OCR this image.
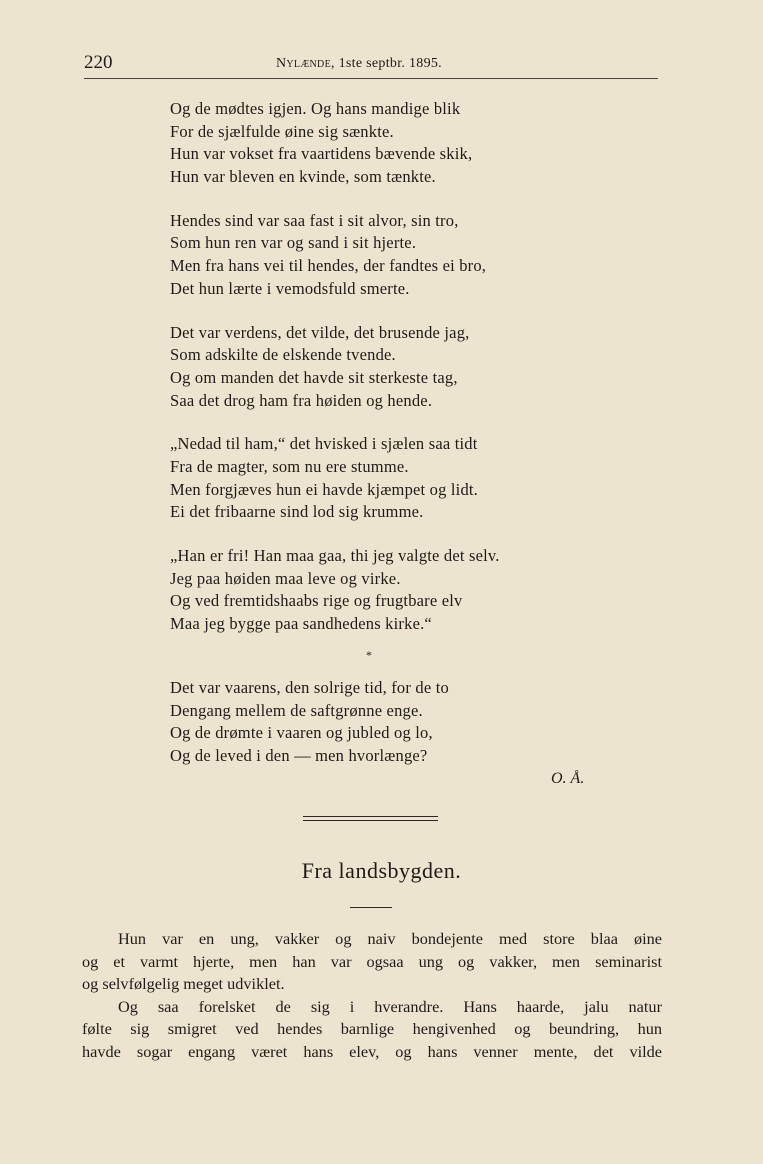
220	Nylænde, 1ste septbr. 1895.
Og de mødtes igjen. Og hans mandige blik
For de sjælfulde øine sig sænkte.
Hun var vokset fra vaartidens bævende skik,
Hun var bleven en kvinde, som tænkte.
Hendes sind var saa fast i sit alvor, sin tro,
Som hun ren var og sand i sit hjerte.
Men fra hans vei til hendes, der fandtes ei bro,
Det hun lærte i vemodsfuld smerte.
Det var verdens, det vilde, det brusende jag,
Som adskilte de elskende tvende.
Og om manden det havde sit sterkeste tag,
Saa det drog ham fra høiden og hende.
„Nedad til ham,“ det hvisked i sjælen saa tidt
Fra de magter, som nu ere stumme.
Men forgjæves hun ei havde kjæmpet og lidt.
Ei det fribaarne sind lod sig krumme.
„Han er fri! Han maa gaa, thi jeg valgte det selv.
Jeg paa høiden maa leve og virke.
Og ved fremtidshaabs rige og frugtbare elv
Maa jeg bygge paa sandhedens kirke.“
*
Det var vaarens, den solrige tid, for de to
Dengang mellem de saftgrønne enge.
Og de drømte i vaaren og jubled og lo,
Og de leved i den — men hvorlænge?
O. Å.
Fra landsbygden.
Hun var en ung, vakker og naiv bondejente med store blaa øine
og et varmt hjerte, men han var ogsaa ung og vakker, men seminarist
og selvfølgelig meget udviklet.
Og saa forelsket de sig i hverandre. Hans haarde, jalu natur
følte sig smigret ved hendes barnlige hengivenhed og beundring, hun
havde sogar engang været hans elev, og hans venner mente, det vilde
